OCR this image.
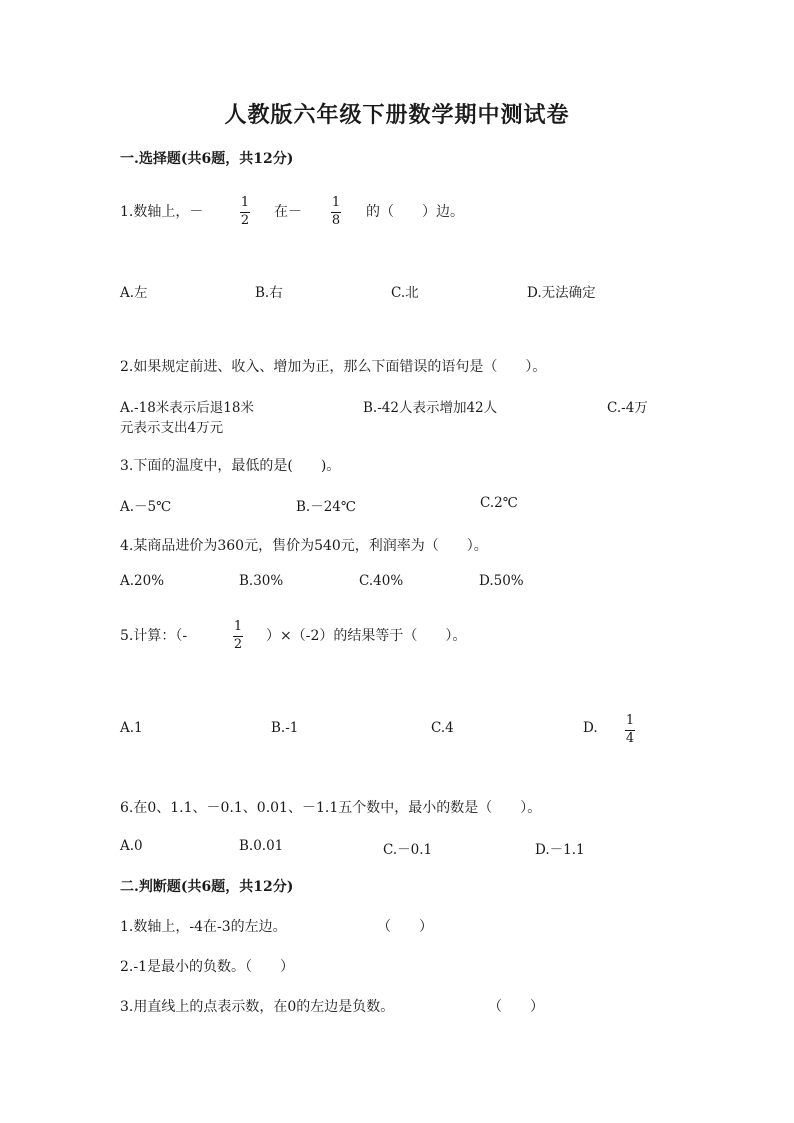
人教版六年级下册数学期中测试卷
一.选择题(共6题，共12分)
1.数轴上，－
1
2
在－
1
8
的（　　）边。
A.左	B.右	C.北	D.无法确定
2.如果规定前进、收入、增加为正，那么下面错误的语句是（　　）。
A.-18米表示后退18米	B.-42人表示增加42人	C.-4万
元表示支出4万元
3.下面的温度中，最低的是(　　)。
A.－5℃	B.－24℃	C.2℃
4.某商品进价为360元，售价为540元，利润率为（　　）。
A.20%	B.30%	C.40%	D.50%
5.计算：（-
1
2
）×（-2）的结果等于（　　）。
A.1	B.-1	C.4	D. 1
4
6.在0、1.1、－0.1、0.01、－1.1五个数中，最小的数是（　　）。
A.0	B.0.01	C.－0.1	D.－1.1
二.判断题(共6题，共12分)
1.数轴上，-4在-3的左边。	（　　）
2.-1是最小的负数。（　　）
3.用直线上的点表示数，在0的左边是负数。	（　　）
